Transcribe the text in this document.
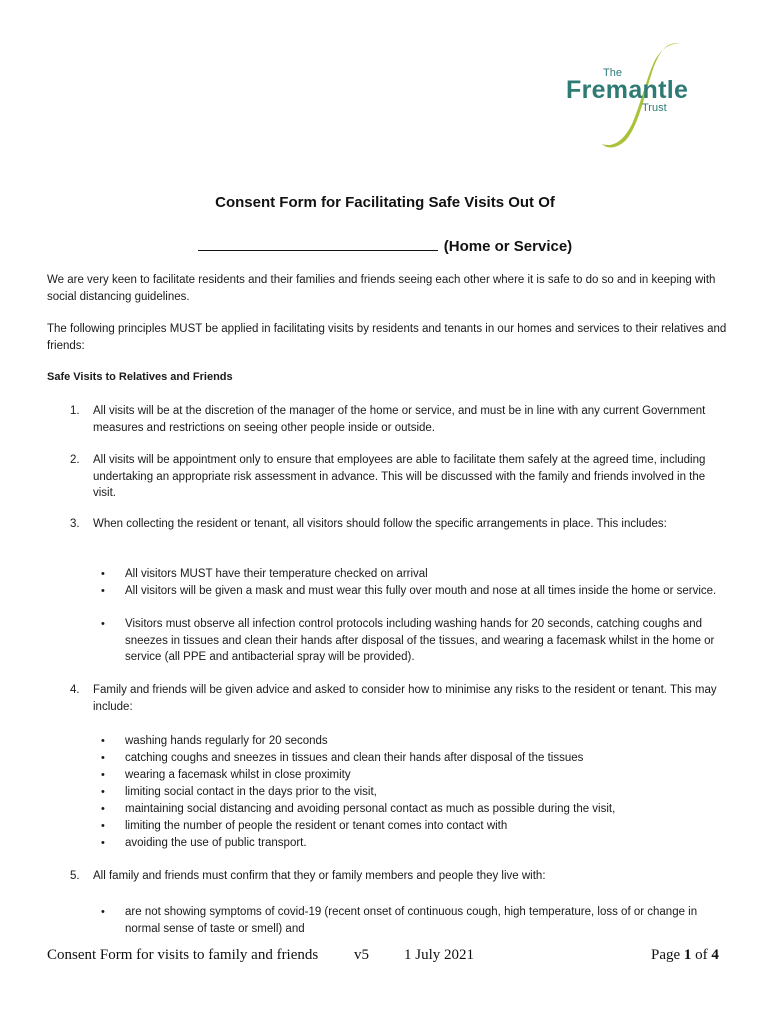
The
Fremantle
Trust
Consent Form for Facilitating Safe Visits Out Of
(Home or Service)
We are very keen to facilitate residents and their families and friends seeing each other where it is safe to do so and in keeping with social distancing guidelines.
The following principles MUST be applied in facilitating visits by residents and tenants in our homes and services to their relatives and friends:
Safe Visits to Relatives and Friends
1.	All visits will be at the discretion of the manager of the home or service, and must be in line with any current Government measures and restrictions on seeing other people inside or outside.
2.	All visits will be appointment only to ensure that employees are able to facilitate them safely at the agreed time, including undertaking an appropriate risk assessment in advance. This will be discussed with the family and friends involved in the visit.
3.	When collecting the resident or tenant, all visitors should follow the specific arrangements in place. This includes:
• All visitors MUST have their temperature checked on arrival
• All visitors will be given a mask and must wear this fully over mouth and nose at all times inside the home or service.
• Visitors must observe all infection control protocols including washing hands for 20 seconds, catching coughs and sneezes in tissues and clean their hands after disposal of the tissues, and wearing a facemask whilst in the home or service (all PPE and antibacterial spray will be provided).
4.	Family and friends will be given advice and asked to consider how to minimise any risks to the resident or tenant. This may include:
• washing hands regularly for 20 seconds
• catching coughs and sneezes in tissues and clean their hands after disposal of the tissues
• wearing a facemask whilst in close proximity
• limiting social contact in the days prior to the visit,
• maintaining social distancing and avoiding personal contact as much as possible during the visit,
• limiting the number of people the resident or tenant comes into contact with
• avoiding the use of public transport.
5.	All family and friends must confirm that they or family members and people they live with:
• are not showing symptoms of covid-19 (recent onset of continuous cough, high temperature, loss of or change in normal sense of taste or smell) and
Consent Form for visits to family and friends v5 1 July 2021	Page 1 of 4
